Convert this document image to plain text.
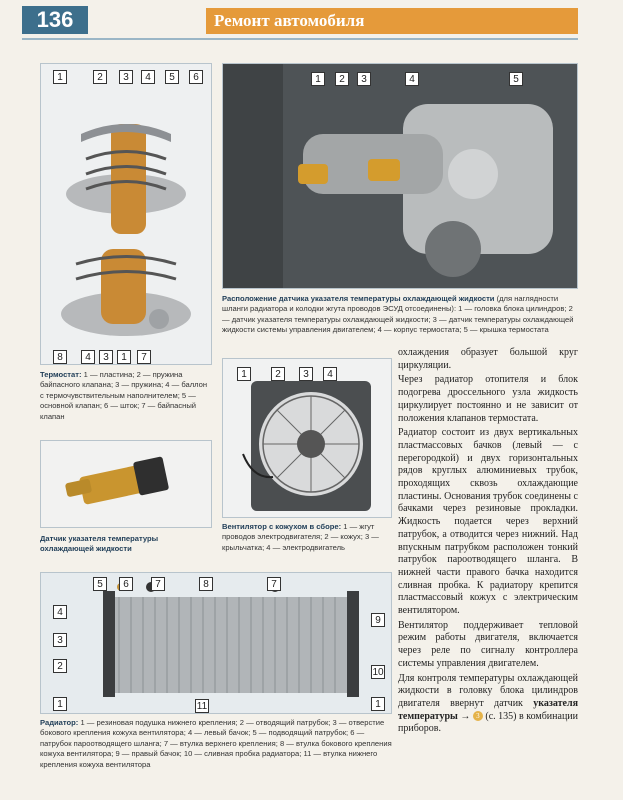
136	Ремонт автомобиля
1	2	3	4	5	6
8	4	3	1	7
Термостат: 1 — пластина; 2 — пружина байпасного клапана; 3 — пружина; 4 — баллон с термочувствительным наполнителем; 5 — основной клапан; 6 — шток; 7 — байпасный клапан
1	2	3	4	5
Расположение датчика указателя температуры охлаждающей жидкости (для наглядности шланги радиатора и колодки жгута проводов ЭСУД отсоединены): 1 — головка блока цилиндров; 2 — датчик указателя температуры охлаждающей жидкости; 3 — датчик температуры охлаждающей жидкости системы управления двигателем; 4 — корпус термостата; 5 — крышка термостата
Датчик указателя температуры охлаждающей жидкости
1	2	3	4
Вентилятор с кожухом в сборе: 1 — жгут проводов электродвигателя; 2 — кожух; 3 — крыльчатка; 4 — электродвигатель
5	6	7	8	7
4
3
2
1
9
10
1
11
Радиатор: 1 — резиновая подушка нижнего крепления; 2 — отводящий патрубок; 3 — отверстие бокового крепления кожуха вентилятора; 4 — левый бачок; 5 — подводящий патрубок; 6 — патрубок пароотводящего шланга; 7 — втулка верхнего крепления; 8 — втулка бокового крепления кожуха вентилятора; 9 — правый бачок; 10 — сливная пробка радиатора; 11 — втулка нижнего крепления кожуха вентилятора

охлаждения образует большой круг циркуляции.

Через радиатор отопителя и блок подогрева дроссельного узла жидкость циркулирует постоянно и не зависит от положения клапанов термостата.

Радиатор состоит из двух вертикальных пластмассовых бачков (левый — с перегородкой) и двух горизонтальных рядов круглых алюминиевых трубок, проходящих сквозь охлаждающие пластины. Основания трубок соединены с бачками через резиновые прокладки. Жидкость подается через верхний патрубок, а отводится через нижний. Над впускным патрубком расположен тонкий патрубок пароотводящего шланга. В нижней части правого бачка находится сливная пробка. К радиатору крепится пластмассовый кожух с электрическим вентилятором.

Вентилятор поддерживает тепловой режим работы двигателя, включается через реле по сигналу контроллера системы управления двигателем.

Для контроля температуры охлаждающей жидкости в головку блока цилиндров двигателя ввернут датчик указателя температуры → 3 (с. 135) в комбинации приборов.
